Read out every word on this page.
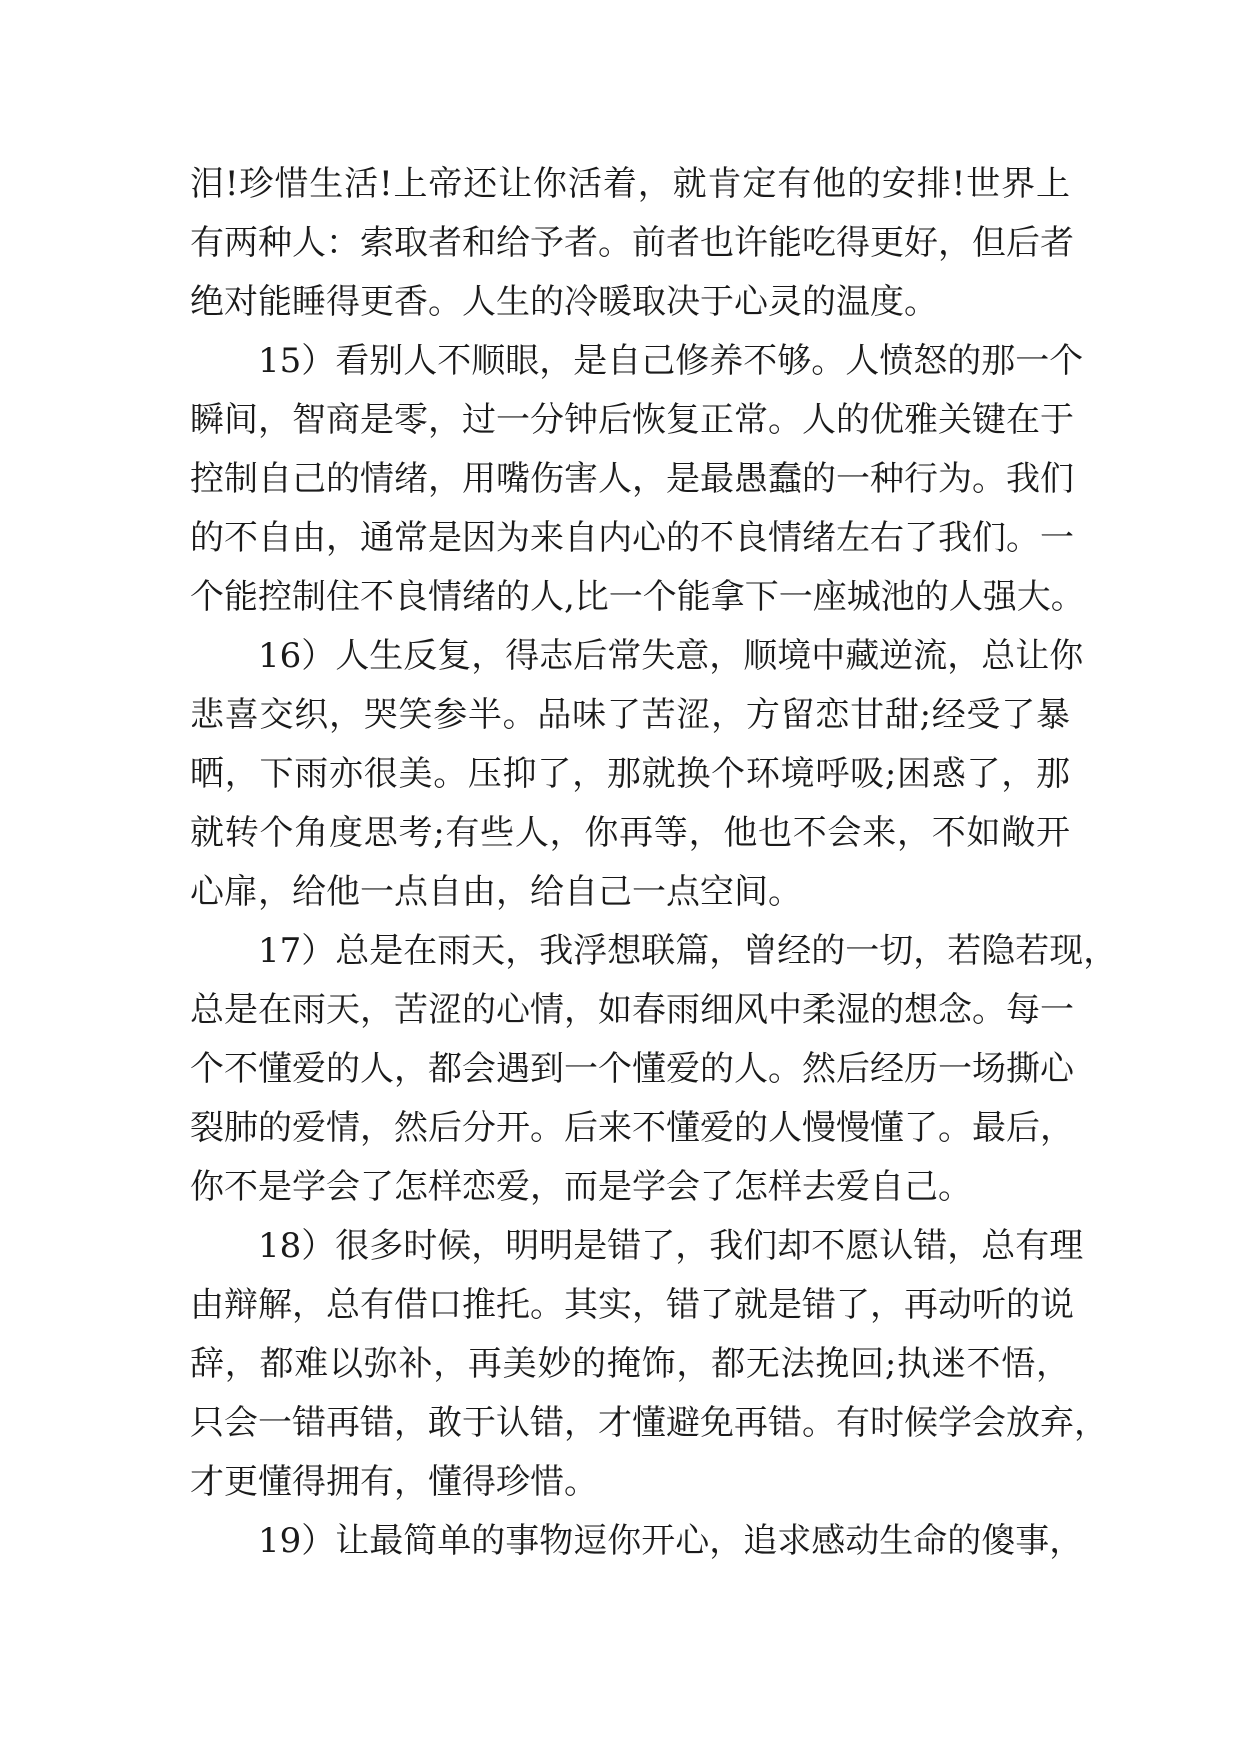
泪!珍惜生活!上帝还让你活着，就肯定有他的安排!世界上
有两种人：索取者和给予者。前者也许能吃得更好，但后者
绝对能睡得更香。人生的冷暖取决于心灵的温度。
15）看别人不顺眼，是自己修养不够。人愤怒的那一个
瞬间，智商是零，过一分钟后恢复正常。人的优雅关键在于
控制自己的情绪，用嘴伤害人，是最愚蠢的一种行为。我们
的不自由，通常是因为来自内心的不良情绪左右了我们。一
个能控制住不良情绪的人,比一个能拿下一座城池的人强大。
16）人生反复，得志后常失意，顺境中藏逆流，总让你
悲喜交织，哭笑参半。品味了苦涩，方留恋甘甜;经受了暴
晒，下雨亦很美。压抑了，那就换个环境呼吸;困惑了，那
就转个角度思考;有些人，你再等，他也不会来，不如敞开
心扉，给他一点自由，给自己一点空间。
17）总是在雨天，我浮想联篇，曾经的一切，若隐若现，
总是在雨天，苦涩的心情，如春雨细风中柔湿的想念。每一
个不懂爱的人，都会遇到一个懂爱的人。然后经历一场撕心
裂肺的爱情，然后分开。后来不懂爱的人慢慢懂了。最后，
你不是学会了怎样恋爱，而是学会了怎样去爱自己。
18）很多时候，明明是错了，我们却不愿认错，总有理
由辩解，总有借口推托。其实，错了就是错了，再动听的说
辞，都难以弥补，再美妙的掩饰，都无法挽回;执迷不悟，
只会一错再错，敢于认错，才懂避免再错。有时候学会放弃，
才更懂得拥有，懂得珍惜。
19）让最简单的事物逗你开心，追求感动生命的傻事，
